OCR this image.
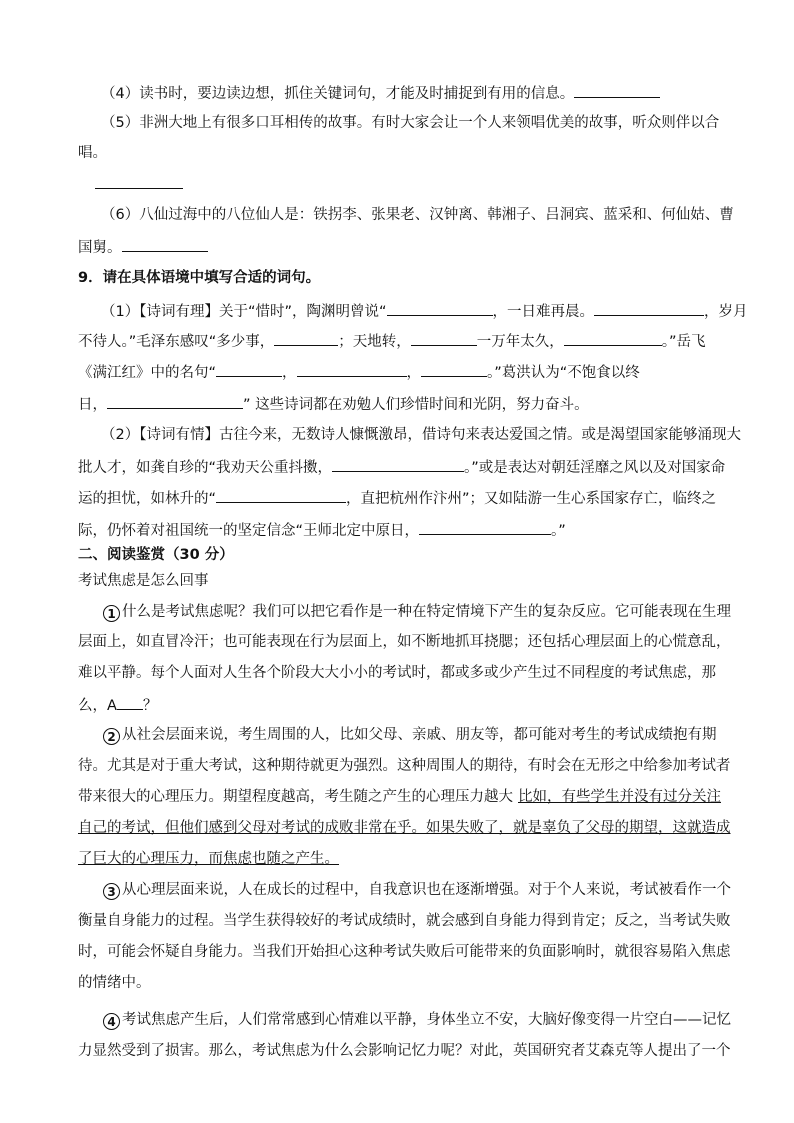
（4）读书时，要边读边想，抓住关键词句，才能及时捕捉到有用的信息。
（5）非洲大地上有很多口耳相传的故事。有时大家会让一个人来领唱优美的故事，听众则伴以合
唱。
（6）八仙过海中的八位仙人是：铁拐李、张果老、汉钟离、韩湘子、吕洞宾、蓝采和、何仙姑、曹
国舅。
9．请在具体语境中填写合适的词句。
（1）【诗词有理】关于“惜时”，陶渊明曾说“	，一日难再晨。	，岁月
不待人。”毛泽东感叹“多少事，	；天地转，	一万年太久，	。”岳飞
《满江红》中的名句“	，	，	。”葛洪认为“不饱食以终
日，	” 这些诗词都在劝勉人们珍惜时间和光阴，努力奋斗。
（2）【诗词有情】古往今来，无数诗人慷慨激昂，借诗句来表达爱国之情。或是渴望国家能够涌现大
批人才，如龚自珍的“我劝天公重抖擞，	。”或是表达对朝廷淫靡之风以及对国家命
运的担忧，如林升的“	，直把杭州作汴州”；又如陆游一生心系国家存亡，临终之
际，仍怀着对祖国统一的坚定信念“王师北定中原日，	。”
二、阅读鉴赏（30 分）
考试焦虑是怎么回事
1 什么是考试焦虑呢？我们可以把它看作是一种在特定情境下产生的复杂反应。它可能表现在生理
层面上，如直冒冷汗；也可能表现在行为层面上，如不断地抓耳挠腮；还包括心理层面上的心慌意乱，
难以平静。每个人面对人生各个阶段大大小小的考试时，都或多或少产生过不同程度的考试焦虑，那
么，A ？
2 从社会层面来说，考生周围的人，比如父母、亲戚、朋友等，都可能对考生的考试成绩抱有期
待。尤其是对于重大考试，这种期待就更为强烈。这种周围人的期待，有时会在无形之中给参加考试者
带来很大的心理压力。期望程度越高，考生随之产生的心理压力越大 比如，有些学生并没有过分关注
自己的考试，但他们感到父母对考试的成败非常在乎。如果失败了，就是辜负了父母的期望，这就造成
了巨大的心理压力，而焦虑也随之产生。
3 从心理层面来说，人在成长的过程中，自我意识也在逐渐增强。对于个人来说，考试被看作一个
衡量自身能力的过程。当学生获得较好的考试成绩时，就会感到自身能力得到肯定；反之，当考试失败
时，可能会怀疑自身能力。当我们开始担心这种考试失败后可能带来的负面影响时，就很容易陷入焦虑
的情绪中。
4 考试焦虑产生后，人们常常感到心情难以平静，身体坐立不安，大脑好像变得一片空白——记忆
力显然受到了损害。那么，考试焦虑为什么会影响记忆力呢？对此，英国研究者艾森克等人提出了一个
